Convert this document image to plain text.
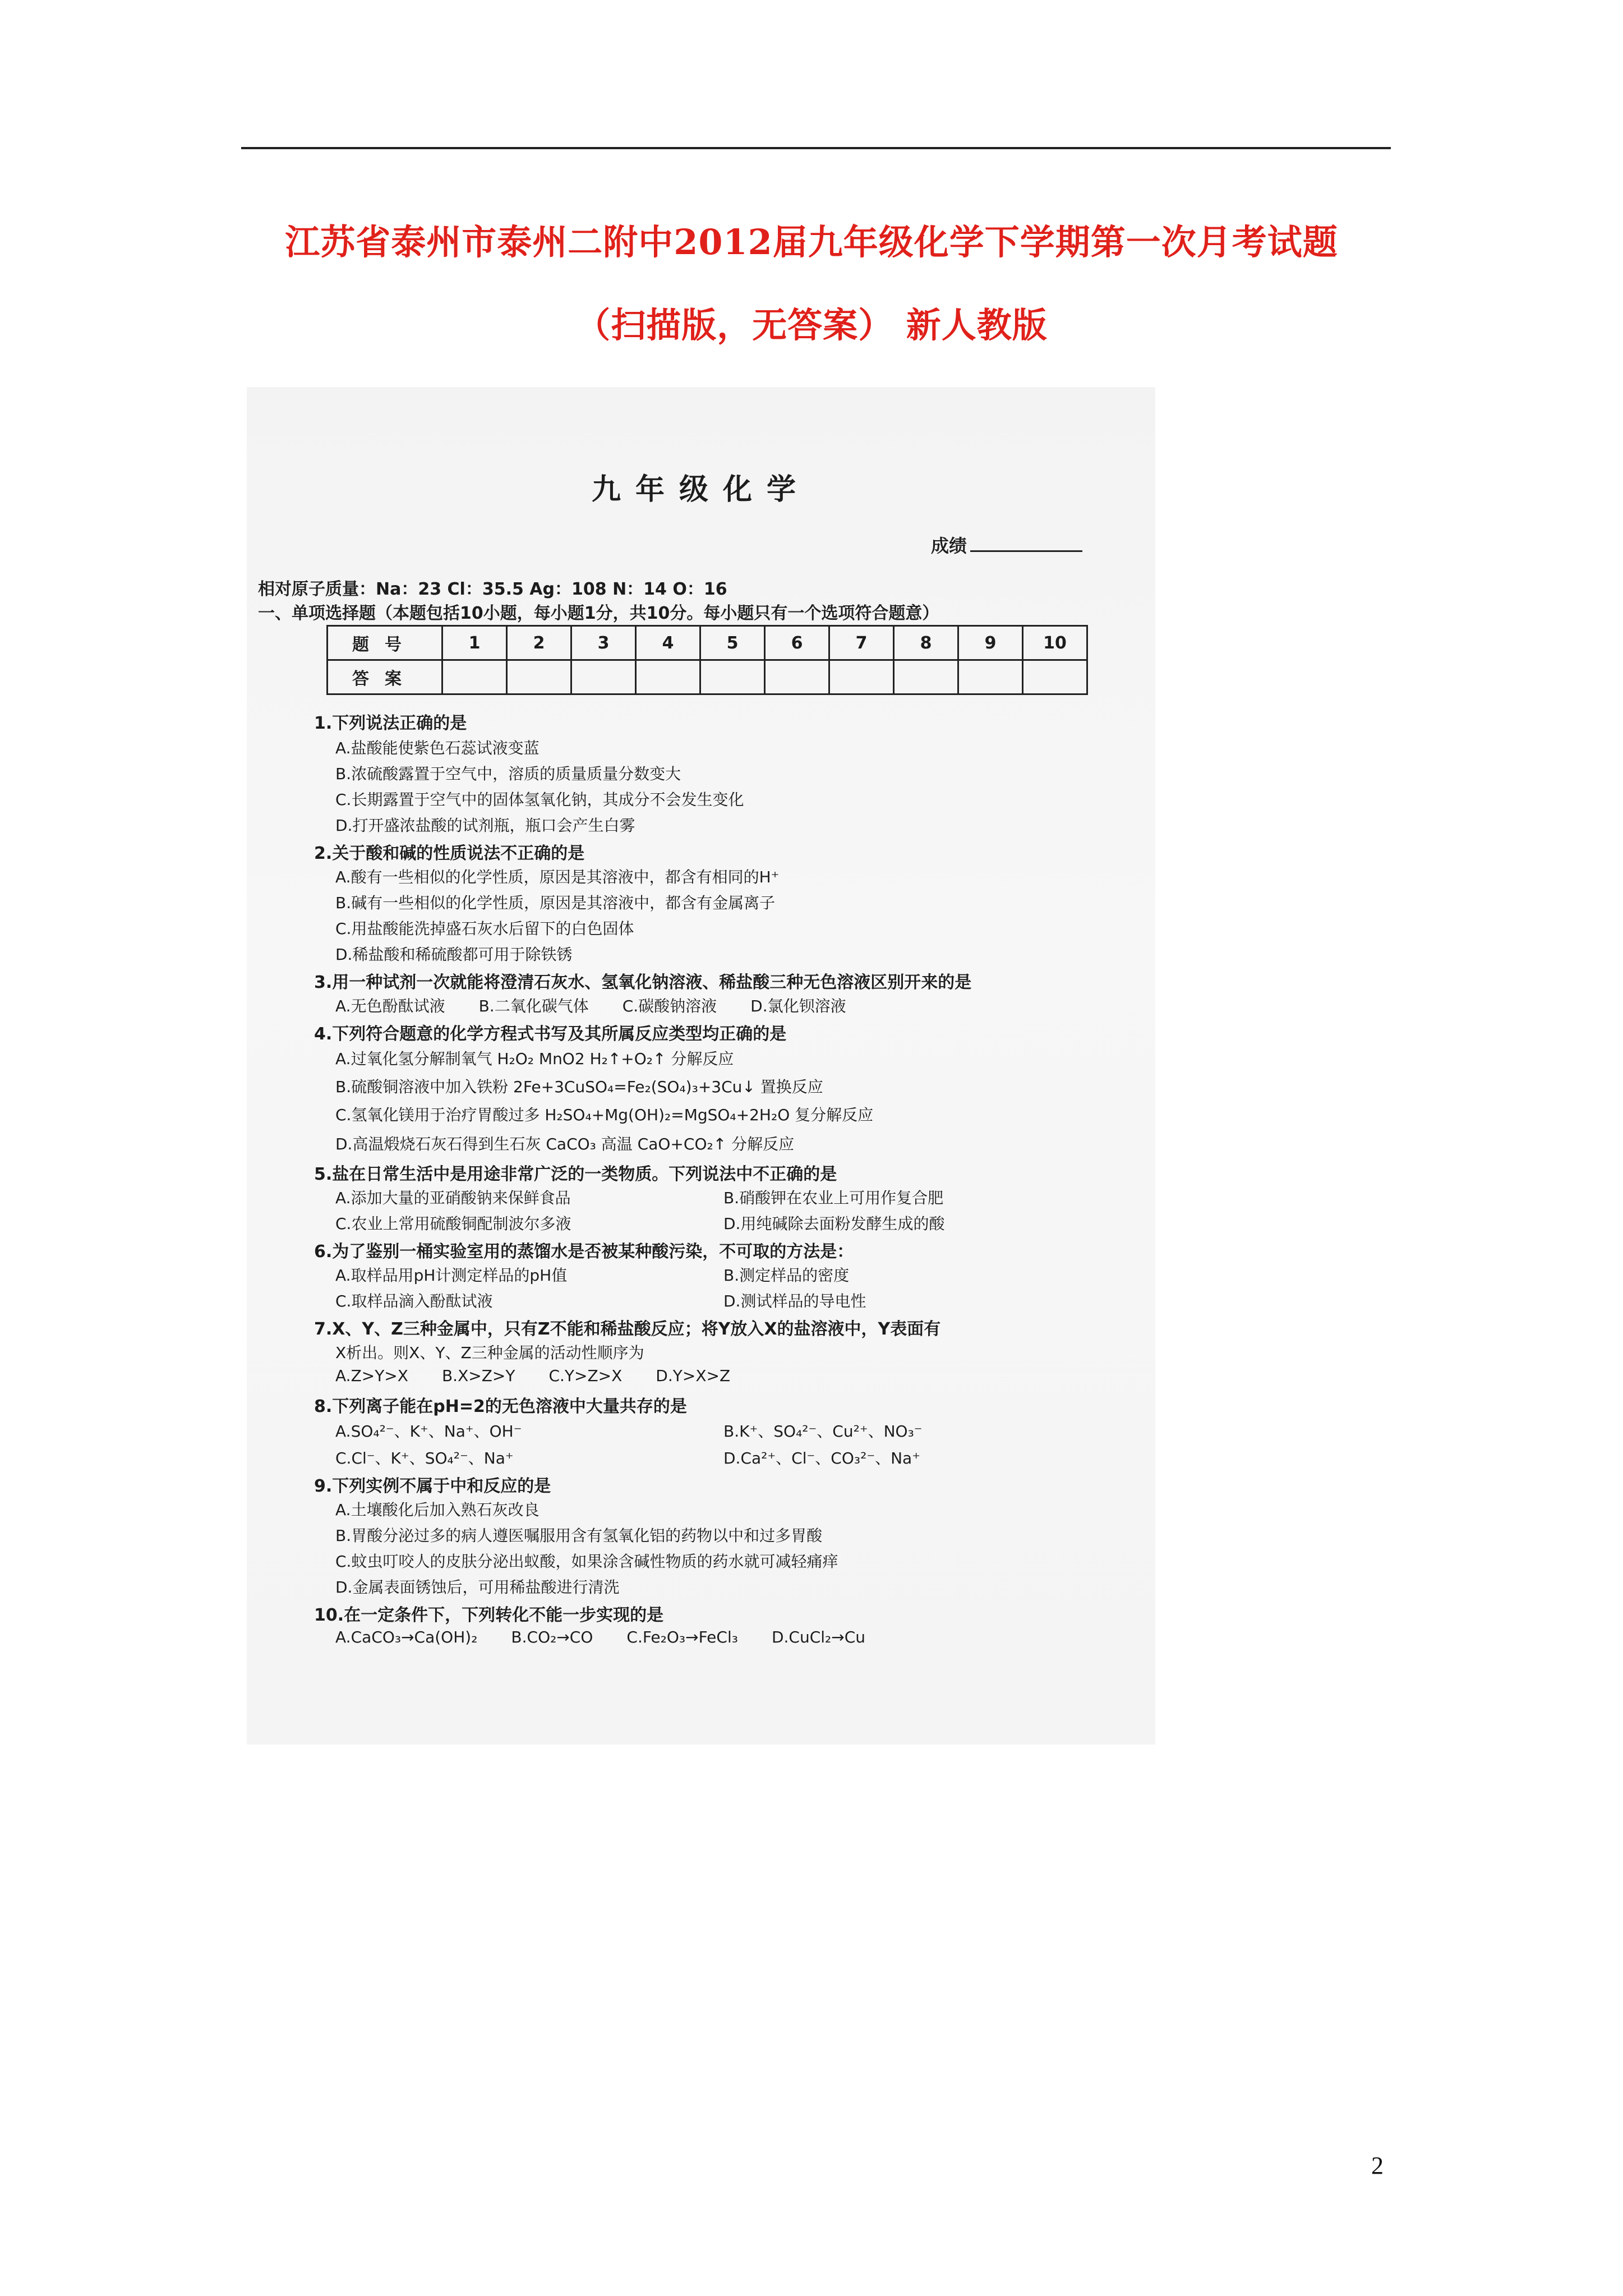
江苏省泰州市泰州二附中2012届九年级化学下学期第一次月考试题
（扫描版，无答案） 新人教版
九年级化学
成绩
相对原子质量：Na：23 Cl：35.5 Ag：108 N：14 O：16
一、单项选择题（本题包括10小题，每小题1分，共10分。每小题只有一个选项符合题意）
题号	1	2	3	4	5	6	7	8	9	10
答案										
1.下列说法正确的是
A.盐酸能使紫色石蕊试液变蓝
B.浓硫酸露置于空气中，溶质的质量质量分数变大
C.长期露置于空气中的固体氢氧化钠，其成分不会发生变化
D.打开盛浓盐酸的试剂瓶，瓶口会产生白雾
2.关于酸和碱的性质说法不正确的是
A.酸有一些相似的化学性质，原因是其溶液中，都含有相同的H⁺
B.碱有一些相似的化学性质，原因是其溶液中，都含有金属离子
C.用盐酸能洗掉盛石灰水后留下的白色固体
D.稀盐酸和稀硫酸都可用于除铁锈
3.用一种试剂一次就能将澄清石灰水、氢氧化钠溶液、稀盐酸三种无色溶液区别开来的是
A.无色酚酞试液 B.二氧化碳气体 C.碳酸钠溶液 D.氯化钡溶液
4.下列符合题意的化学方程式书写及其所属反应类型均正确的是
A.过氧化氢分解制氧气 H₂O₂ MnO2 H₂↑+O₂↑ 分解反应
B.硫酸铜溶液中加入铁粉 2Fe+3CuSO₄=Fe₂(SO₄)₃+3Cu↓ 置换反应
C.氢氧化镁用于治疗胃酸过多 H₂SO₄+Mg(OH)₂=MgSO₄+2H₂O 复分解反应
D.高温煅烧石灰石得到生石灰 CaCO₃ 高温 CaO+CO₂↑ 分解反应
5.盐在日常生活中是用途非常广泛的一类物质。下列说法中不正确的是
A.添加大量的亚硝酸钠来保鲜食品	B.硝酸钾在农业上可用作复合肥
C.农业上常用硫酸铜配制波尔多液	D.用纯碱除去面粉发酵生成的酸
6.为了鉴别一桶实验室用的蒸馏水是否被某种酸污染，不可取的方法是：
A.取样品用pH计测定样品的pH值	B.测定样品的密度
C.取样品滴入酚酞试液	D.测试样品的导电性
7.X、Y、Z三种金属中，只有Z不能和稀盐酸反应；将Y放入X的盐溶液中，Y表面有
X析出。则X、Y、Z三种金属的活动性顺序为
A.Z>Y>X B.X>Z>Y C.Y>Z>X D.Y>X>Z
8.下列离子能在pH=2的无色溶液中大量共存的是
A.SO₄²⁻、K⁺、Na⁺、OH⁻	B.K⁺、SO₄²⁻、Cu²⁺、NO₃⁻
C.Cl⁻、K⁺、SO₄²⁻、Na⁺	D.Ca²⁺、Cl⁻、CO₃²⁻、Na⁺
9.下列实例不属于中和反应的是
A.土壤酸化后加入熟石灰改良
B.胃酸分泌过多的病人遵医嘱服用含有氢氧化铝的药物以中和过多胃酸
C.蚊虫叮咬人的皮肤分泌出蚁酸，如果涂含碱性物质的药水就可减轻痛痒
D.金属表面锈蚀后，可用稀盐酸进行清洗
10.在一定条件下，下列转化不能一步实现的是
A.CaCO₃→Ca(OH)₂ B.CO₂→CO C.Fe₂O₃→FeCl₃ D.CuCl₂→Cu
2
